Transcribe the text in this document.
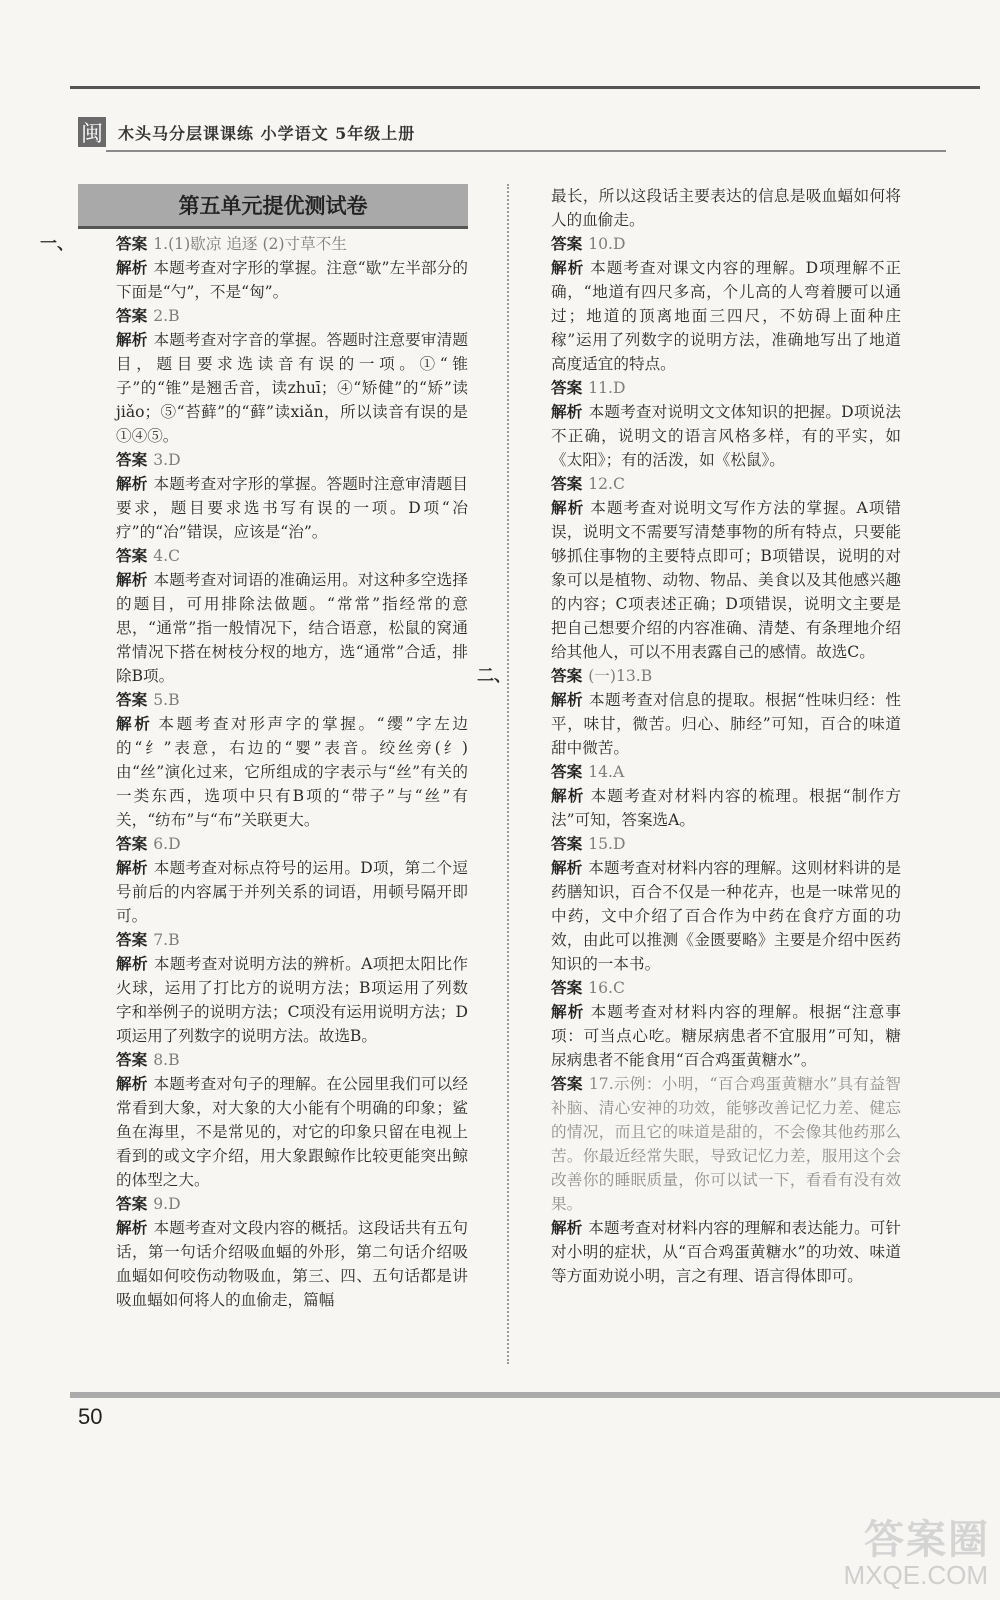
闽 木头马分层课课练 小学语文 5年级上册
第五单元提优测试卷
一、	答案 1.(1)歇凉 追逐 (2)寸草不生
解析 本题考查对字形的掌握。注意“歇”左半部分的下面是“勺”，不是“匈”。
答案 2.B
解析 本题考查对字音的掌握。答题时注意要审清题目，题目要求选读音有误的一项。①“锥子”的“锥”是翘舌音，读zhuī；④“矫健”的“矫”读jiǎo；⑤“苔藓”的“藓”读xiǎn，所以读音有误的是①④⑤。
答案 3.D
解析 本题考查对字形的掌握。答题时注意审清题目要求，题目要求选书写有误的一项。D项“冶疗”的“冶”错误，应该是“治”。
答案 4.C
解析 本题考查对词语的准确运用。对这种多空选择的题目，可用排除法做题。“常常”指经常的意思，“通常”指一般情况下，结合语意，松鼠的窝通常情况下搭在树枝分杈的地方，选“通常”合适，排除B项。
答案 5.B
解析 本题考查对形声字的掌握。“缨”字左边的“纟”表意，右边的“婴”表音。绞丝旁(纟)由“丝”演化过来，它所组成的字表示与“丝”有关的一类东西，选项中只有B项的“带子”与“丝”有关，“纺布”与“布”关联更大。
答案 6.D
解析 本题考查对标点符号的运用。D项，第二个逗号前后的内容属于并列关系的词语，用顿号隔开即可。
答案 7.B
解析 本题考查对说明方法的辨析。A项把太阳比作火球，运用了打比方的说明方法；B项运用了列数字和举例子的说明方法；C项没有运用说明方法；D项运用了列数字的说明方法。故选B。
答案 8.B
解析 本题考查对句子的理解。在公园里我们可以经常看到大象，对大象的大小能有个明确的印象；鲨鱼在海里，不是常见的，对它的印象只留在电视上看到的或文字介绍，用大象跟鲸作比较更能突出鲸的体型之大。
答案 9.D
解析 本题考查对文段内容的概括。这段话共有五句话，第一句话介绍吸血蝠的外形，第二句话介绍吸血蝠如何咬伤动物吸血，第三、四、五句话都是讲吸血蝠如何将人的血偷走，篇幅
最长，所以这段话主要表达的信息是吸血蝠如何将人的血偷走。
答案 10.D
解析 本题考查对课文内容的理解。D项理解不正确，“地道有四尺多高，个儿高的人弯着腰可以通过；地道的顶离地面三四尺，不妨碍上面种庄稼”运用了列数字的说明方法，准确地写出了地道高度适宜的特点。
答案 11.D
解析 本题考查对说明文文体知识的把握。D项说法不正确，说明文的语言风格多样，有的平实，如《太阳》；有的活泼，如《松鼠》。
答案 12.C
解析 本题考查对说明文写作方法的掌握。A项错误，说明文不需要写清楚事物的所有特点，只要能够抓住事物的主要特点即可；B项错误，说明的对象可以是植物、动物、物品、美食以及其他感兴趣的内容；C项表述正确；D项错误，说明文主要是把自己想要介绍的内容准确、清楚、有条理地介绍给其他人，可以不用表露自己的感情。故选C。
二、	答案 (一)13.B
解析 本题考查对信息的提取。根据“性味归经：性平，味甘，微苦。归心、肺经”可知，百合的味道甜中微苦。
答案 14.A
解析 本题考查对材料内容的梳理。根据“制作方法”可知，答案选A。
答案 15.D
解析 本题考查对材料内容的理解。这则材料讲的是药膳知识，百合不仅是一种花卉，也是一味常见的中药，文中介绍了百合作为中药在食疗方面的功效，由此可以推测《金匮要略》主要是介绍中医药知识的一本书。
答案 16.C
解析 本题考查对材料内容的理解。根据“注意事项：可当点心吃。糖尿病患者不宜服用”可知，糖尿病患者不能食用“百合鸡蛋黄糖水”。
答案 17.示例：小明，“百合鸡蛋黄糖水”具有益智补脑、清心安神的功效，能够改善记忆力差、健忘的情况，而且它的味道是甜的，不会像其他药那么苦。你最近经常失眠，导致记忆力差，服用这个会改善你的睡眠质量，你可以试一下，看看有没有效果。
解析 本题考查对材料内容的理解和表达能力。可针对小明的症状，从“百合鸡蛋黄糖水”的功效、味道等方面劝说小明，言之有理、语言得体即可。
50
答案圈
MXQE.COM
